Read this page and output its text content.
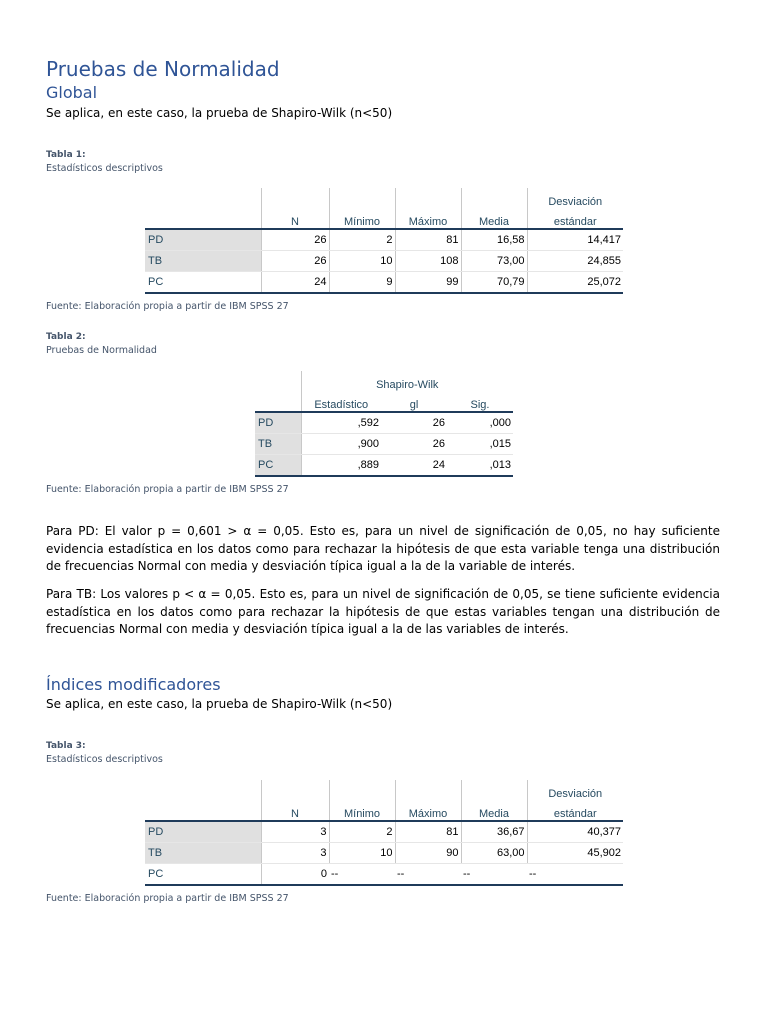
Pruebas de Normalidad
Global
Se aplica, en este caso, la prueba de Shapiro-Wilk (n<50)
Tabla 1:
Estadísticos descriptivos
	N	Mínimo	Máximo	Media	Desviación
					estándar

PD	26	2	81	16,58	14,417
TB	26	10	108	73,00	24,855
PC	24	9	99	70,79	25,072
Fuente: Elaboración propia a partir de IBM SPSS 27
Tabla 2:
Pruebas de Normalidad
	Shapiro-Wilk		
	Estadístico	gl	Sig.

PD	,592	26	,000
TB	,900	26	,015
PC	,889	24	,013
Fuente: Elaboración propia a partir de IBM SPSS 27
Para PD: El valor p = 0,601 > α = 0,05. Esto es, para un nivel de significación de 0,05, no hay suficiente evidencia estadística en los datos como para rechazar la hipótesis de que esta variable tenga una distribución de frecuencias Normal con media y desviación típica igual a la de la variable de interés.
Para TB: Los valores p < α = 0,05. Esto es, para un nivel de significación de 0,05, se tiene suficiente evidencia estadística en los datos como para rechazar la hipótesis de que estas variables tengan una distribución de frecuencias Normal con media y desviación típica igual a la de las variables de interés.
Índices modificadores
Se aplica, en este caso, la prueba de Shapiro-Wilk (n<50)
Tabla 3:
Estadísticos descriptivos
	N	Mínimo	Máximo	Media	Desviación
					estándar

PD	3	2	81	36,67	40,377
TB	3	10	90	63,00	45,902
PC	0	--	--	--	--
Fuente: Elaboración propia a partir de IBM SPSS 27
